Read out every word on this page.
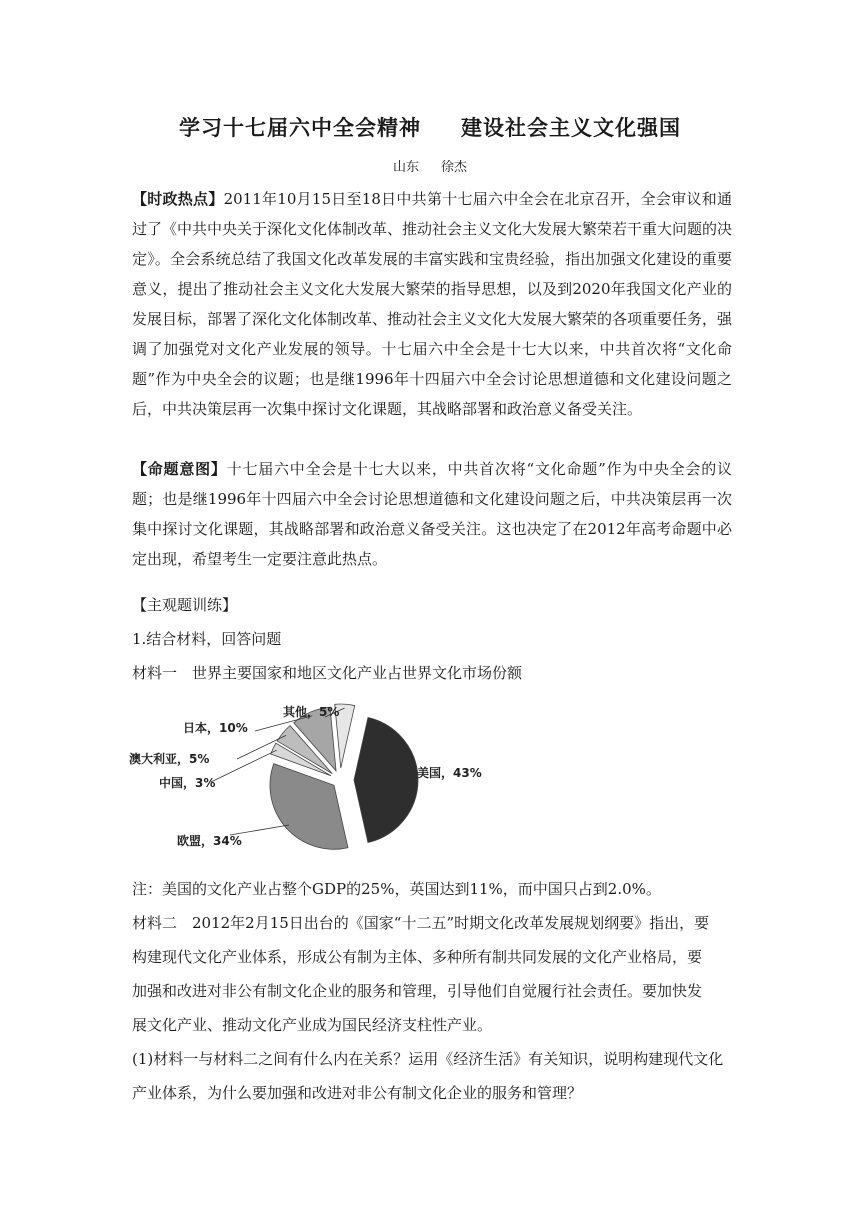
学习十七届六中全会精神 建设社会主义文化强国
山东 徐杰
【时政热点】2011年10月15日至18日中共第十七届六中全会在北京召开，全会审议和通过了《中共中央关于深化文化体制改革、推动社会主义文化大发展大繁荣若干重大问题的决定》。全会系统总结了我国文化改革发展的丰富实践和宝贵经验，指出加强文化建设的重要意义，提出了推动社会主义文化大发展大繁荣的指导思想，以及到2020年我国文化产业的发展目标，部署了深化文化体制改革、推动社会主义文化大发展大繁荣的各项重要任务，强调了加强党对文化产业发展的领导。十七届六中全会是十七大以来，中共首次将“文化命题”作为中央全会的议题；也是继1996年十四届六中全会讨论思想道德和文化建设问题之后，中共决策层再一次集中探讨文化课题，其战略部署和政治意义备受关注。
【命题意图】十七届六中全会是十七大以来，中共首次将“文化命题”作为中央全会的议题；也是继1996年十四届六中全会讨论思想道德和文化建设问题之后，中共决策层再一次集中探讨文化课题，其战略部署和政治意义备受关注。这也决定了在2012年高考命题中必定出现，希望考生一定要注意此热点。
【主观题训练】
1.结合材料，回答问题
材料一　世界主要国家和地区文化产业占世界文化市场份额
美国，43%
欧盟，34%
中国，3%
澳大利亚，5%
日本，10%
其他，5%
注：美国的文化产业占整个GDP的25%，英国达到11%，而中国只占到2.0%。
材料二　2012年2月15日出台的《国家“十二五”时期文化改革发展规划纲要》指出，要
构建现代文化产业体系，形成公有制为主体、多种所有制共同发展的文化产业格局，要
加强和改进对非公有制文化企业的服务和管理，引导他们自觉履行社会责任。要加快发
展文化产业、推动文化产业成为国民经济支柱性产业。
(1)材料一与材料二之间有什么内在关系？运用《经济生活》有关知识，说明构建现代文化
产业体系，为什么要加强和改进对非公有制文化企业的服务和管理？
